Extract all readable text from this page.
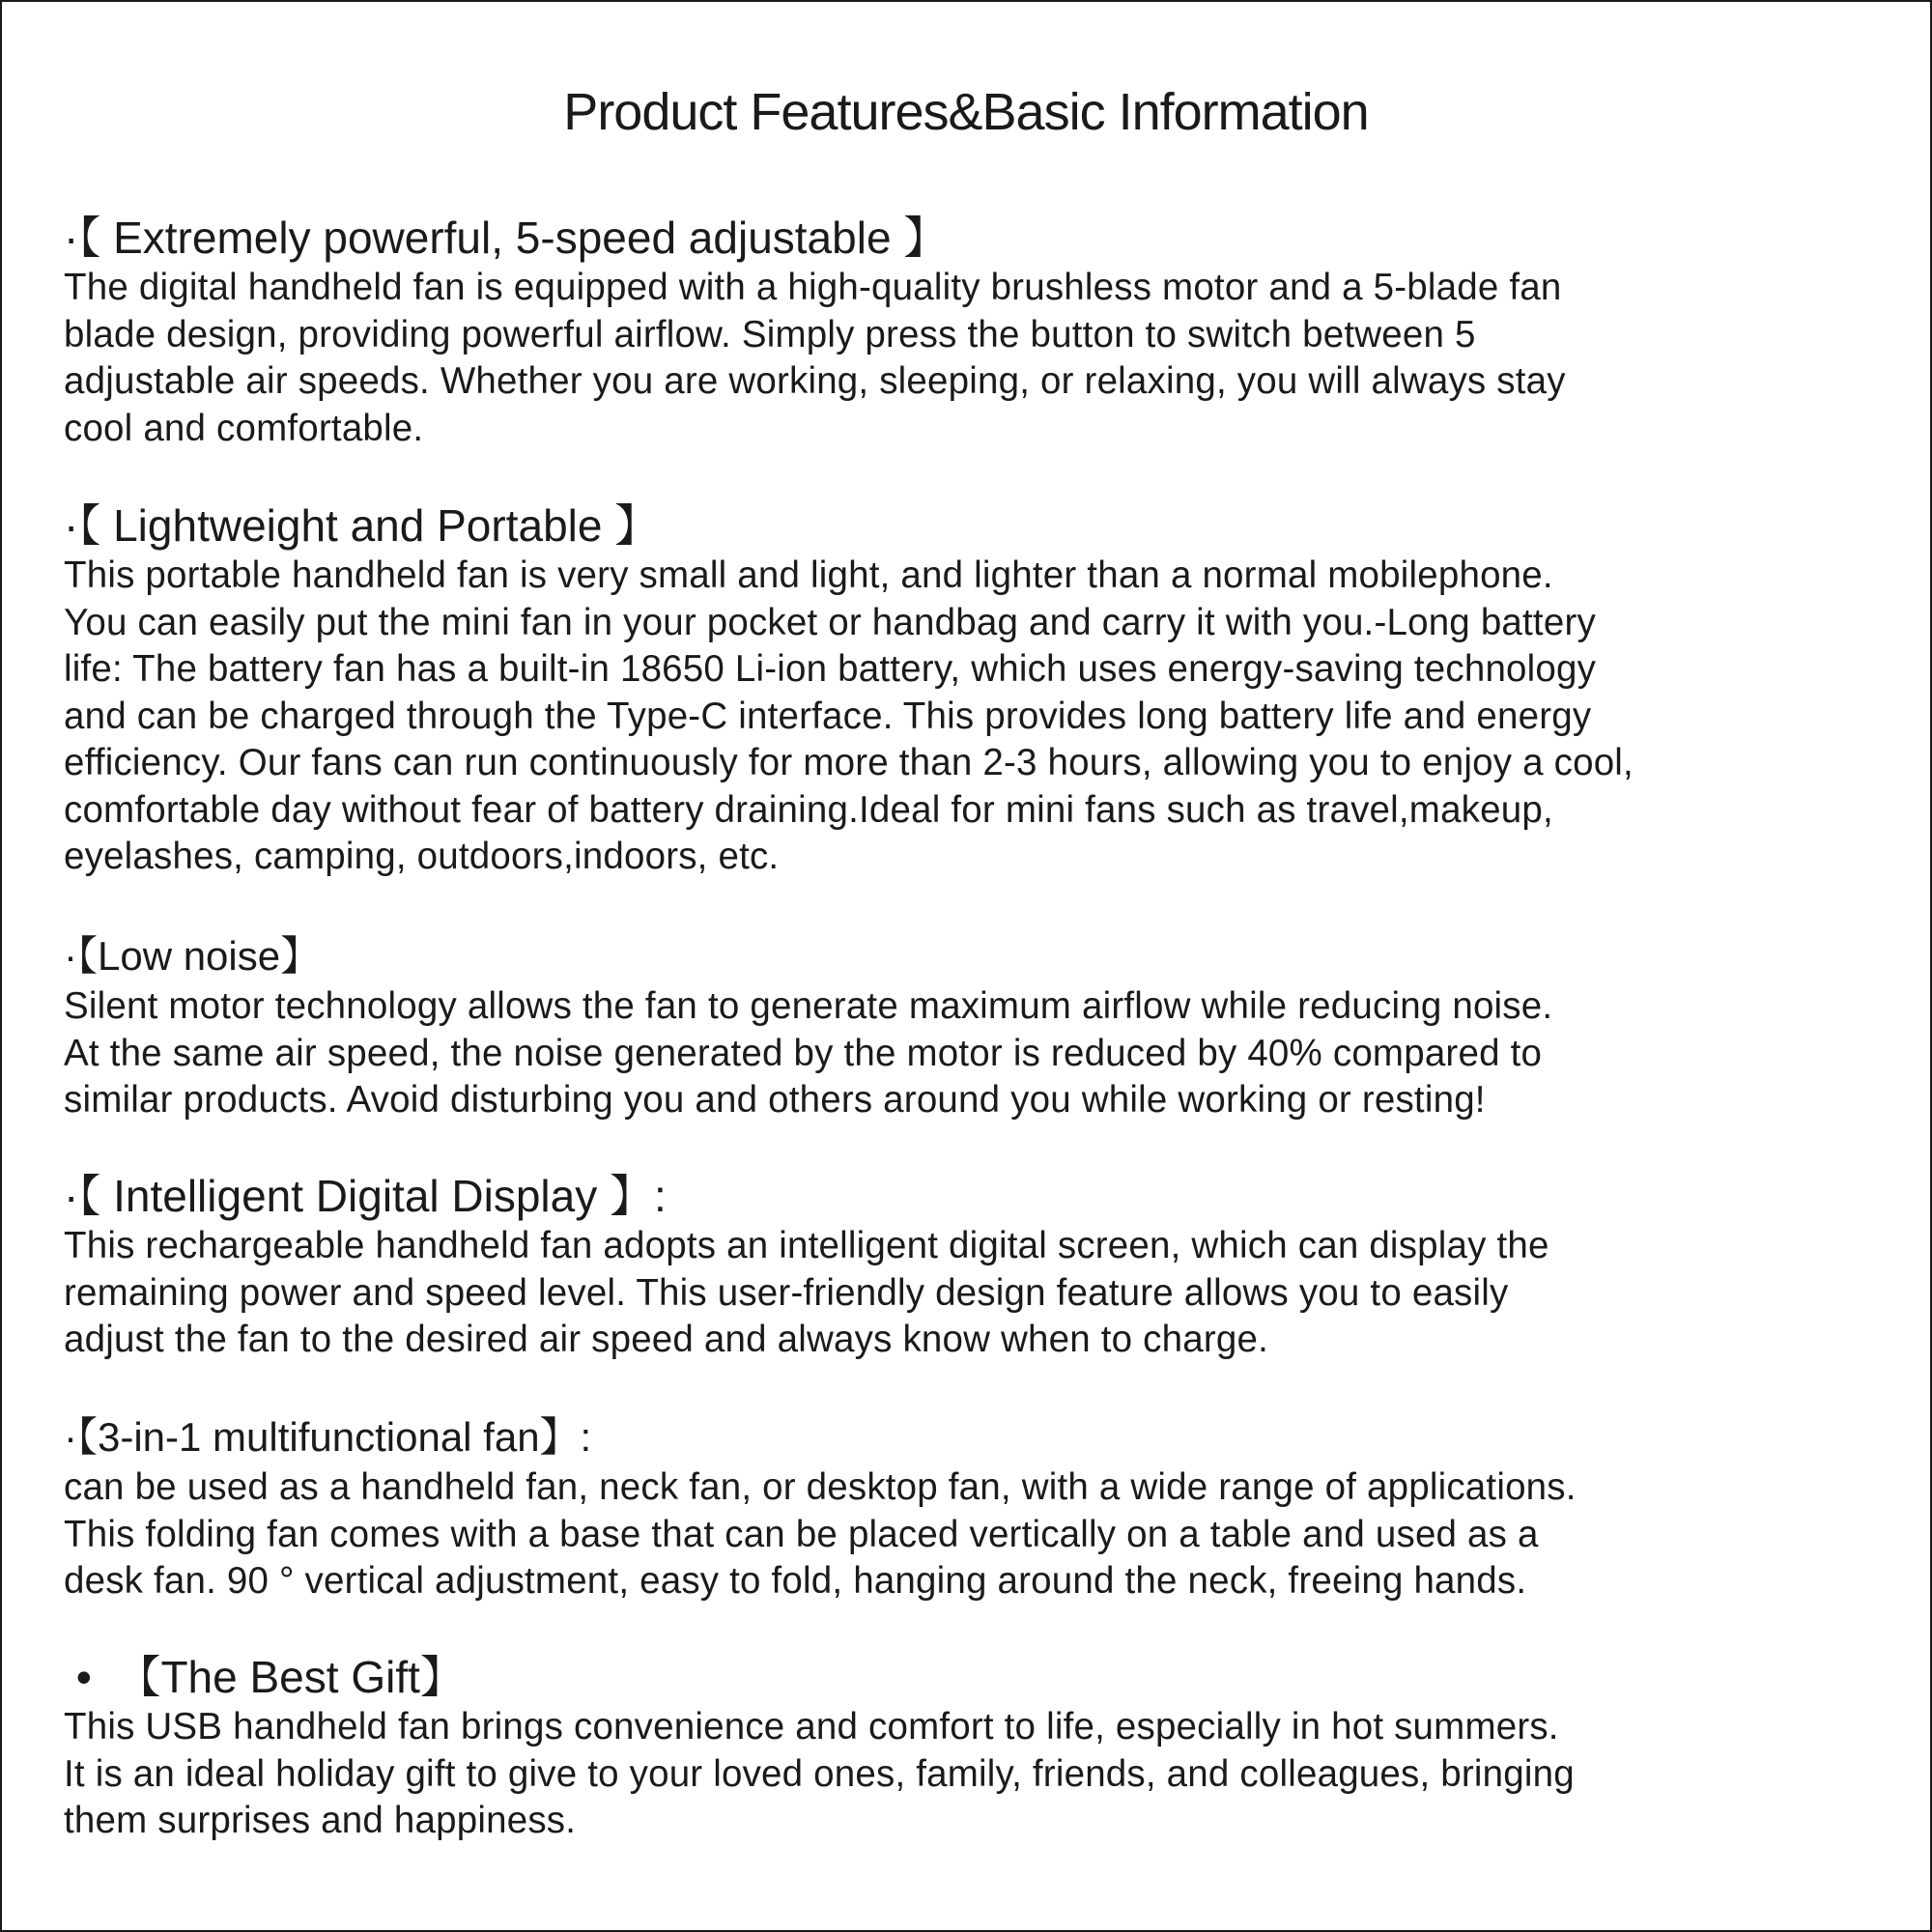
Product Features&Basic Information

·【 Extremely powerful, 5-speed adjustable 】

The digital handheld fan is equipped with a high-quality brushless motor and a 5-blade fan

blade design, providing powerful airflow. Simply press the button to switch between 5

adjustable air speeds. Whether you are working, sleeping, or relaxing, you will always stay

cool and comfortable.

·【 Lightweight and Portable 】

This portable handheld fan is very small and light, and lighter than a normal mobilephone.

You can easily put the mini fan in your pocket or handbag and carry it with you.-Long battery

life: The battery fan has a built-in 18650 Li-ion battery, which uses energy-saving technology

and can be charged through the Type-C interface. This provides long battery life and energy

efficiency. Our fans can run continuously for more than 2-3 hours, allowing you to enjoy a cool,

comfortable day without fear of battery draining.Ideal for mini fans such as travel,makeup,

eyelashes, camping, outdoors,indoors, etc.

·【Low noise】

Silent motor technology allows the fan to generate maximum airflow while reducing noise.

At the same air speed, the noise generated by the motor is reduced by 40% compared to

similar products. Avoid disturbing you and others around you while working or resting!

·【 Intelligent Digital Display 】:

This rechargeable handheld fan adopts an intelligent digital screen, which can display the

remaining power and speed level. This user-friendly design feature allows you to easily

adjust the fan to the desired air speed and always know when to charge.

·【3-in-1 multifunctional fan】:

can be used as a handheld fan, neck fan, or desktop fan, with a wide range of applications.

This folding fan comes with a base that can be placed vertically on a table and used as a

desk fan. 90 ° vertical adjustment, easy to fold, hanging around the neck, freeing hands.

•  【The Best Gift】

This USB handheld fan brings convenience and comfort to life, especially in hot summers.

It is an ideal holiday gift to give to your loved ones, family, friends, and colleagues, bringing

them surprises and happiness.
